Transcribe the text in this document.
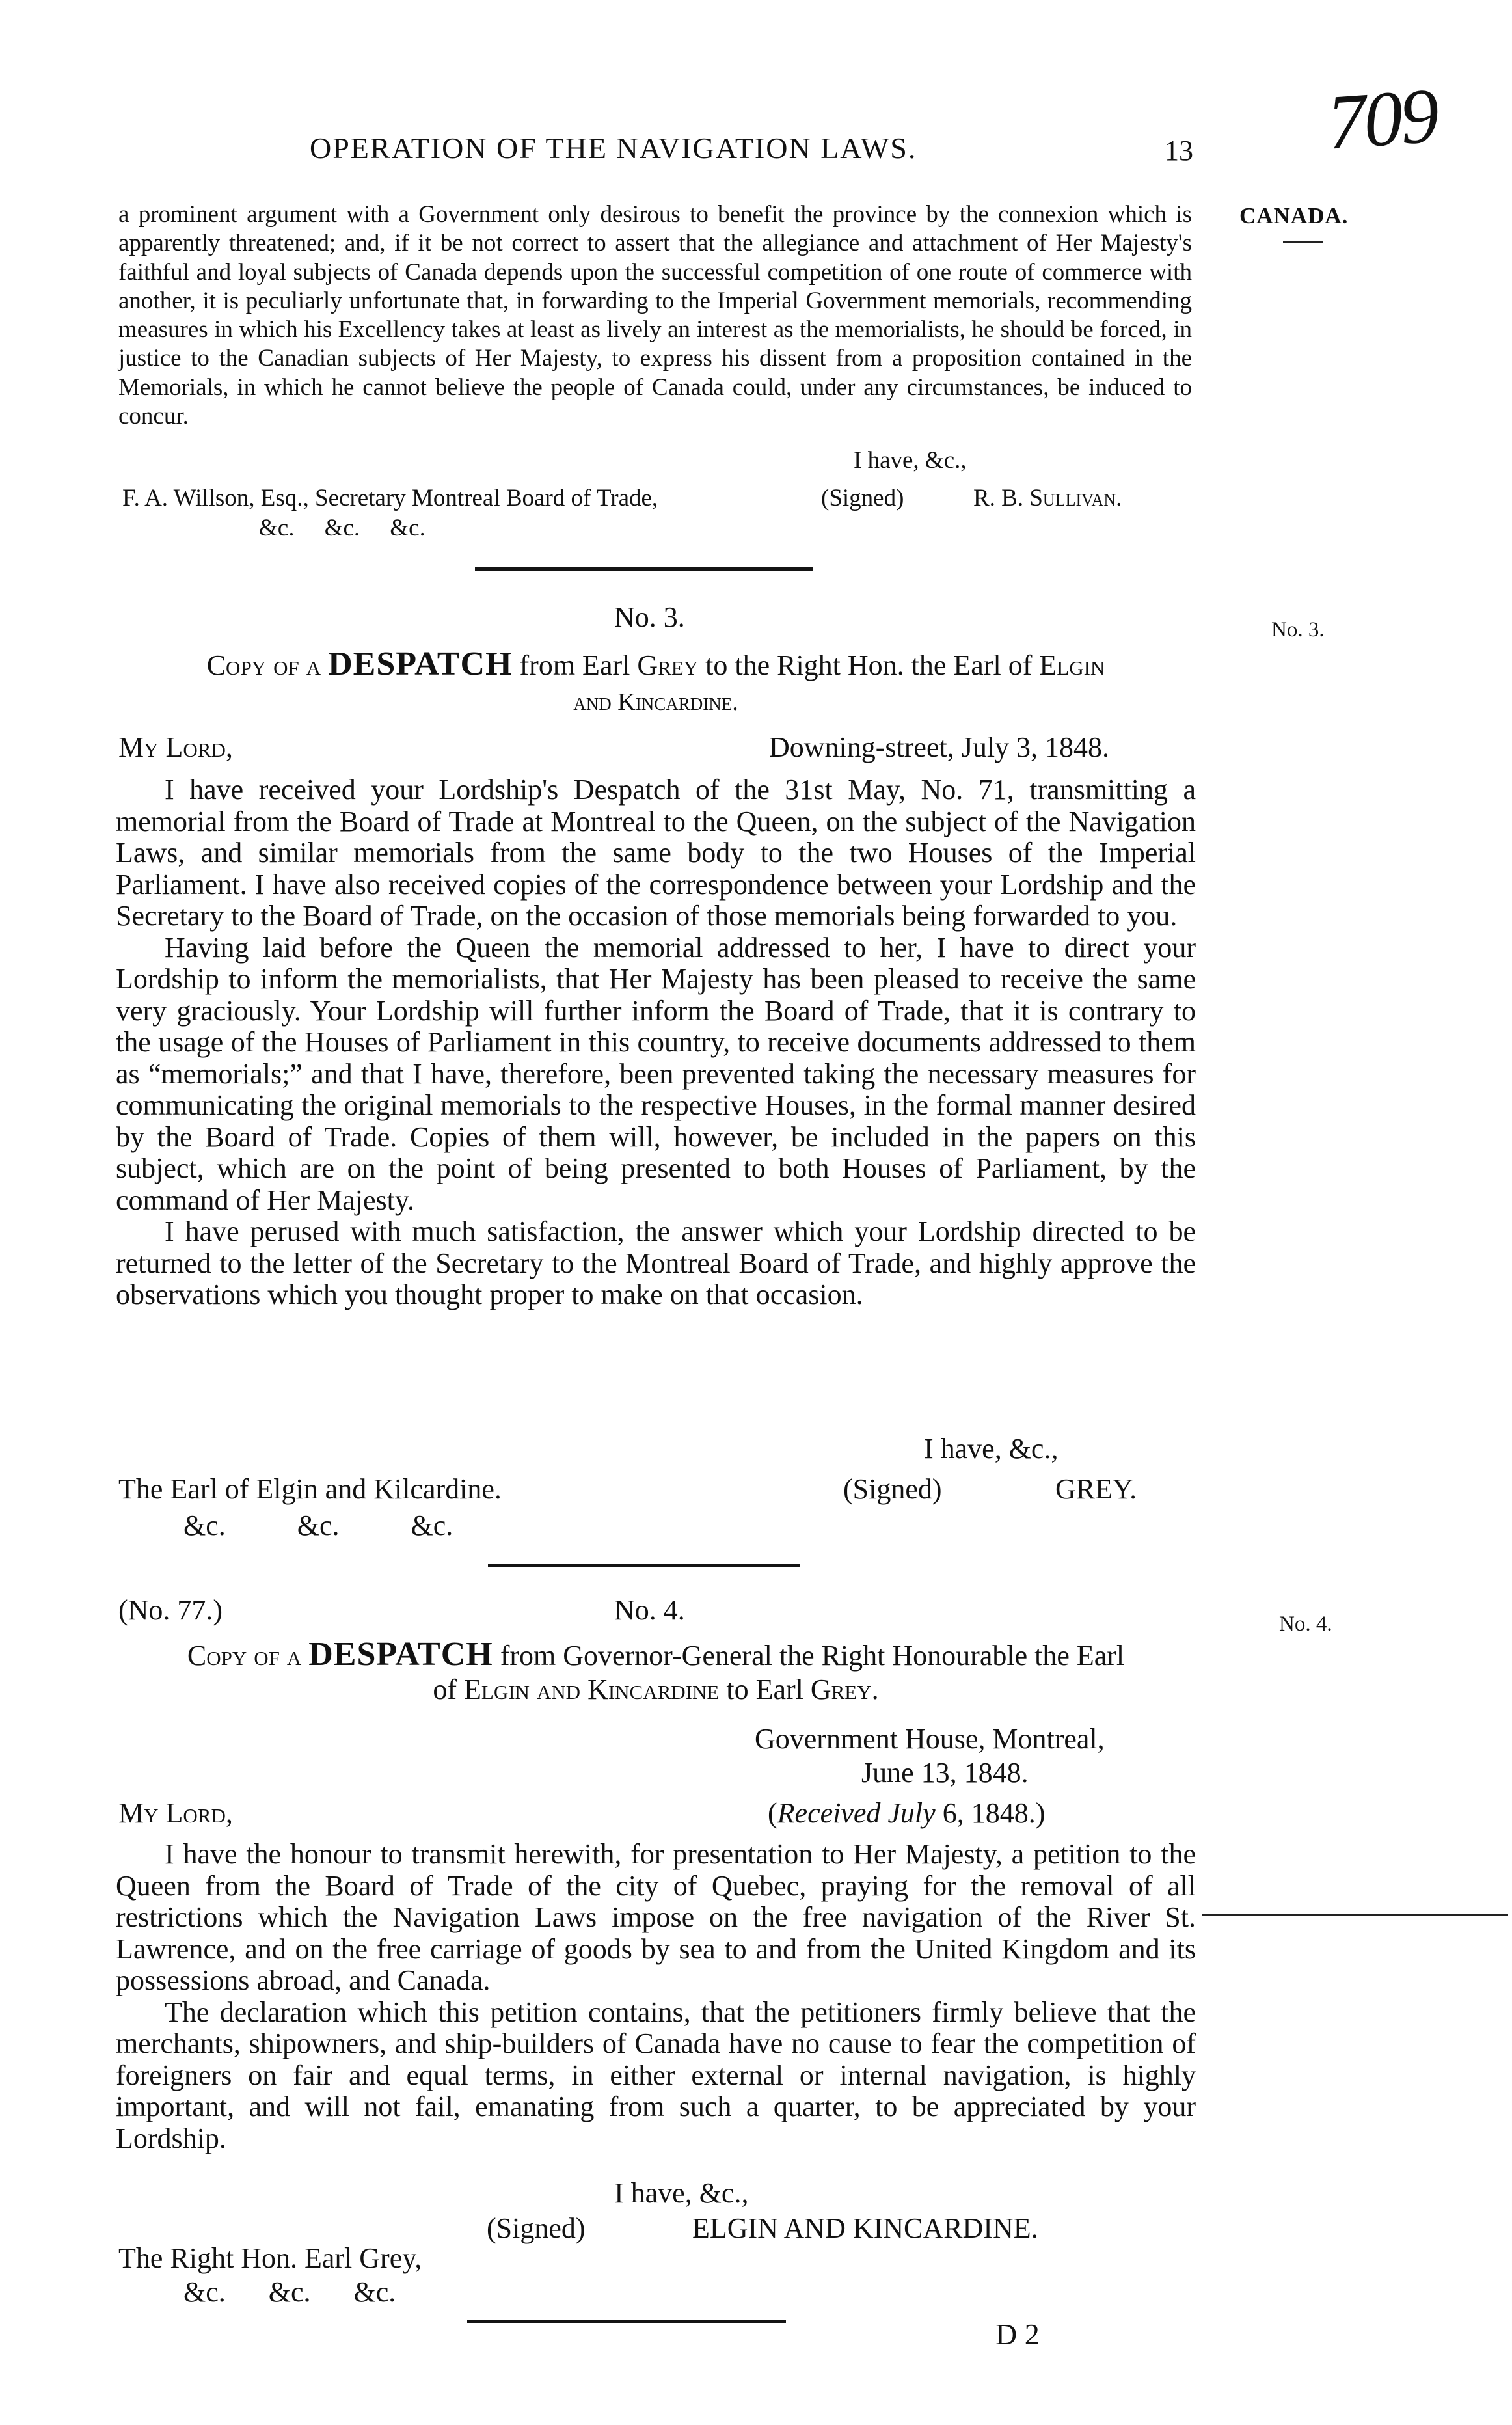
OPERATION OF THE NAVIGATION LAWS.	13 709
CANADA.
No. 3.
No. 4.

a prominent argument with a Government only desirous to benefit the province by the connexion which is apparently threatened; and, if it be not correct to assert that the allegiance and attachment of Her Majesty's faithful and loyal subjects of Canada depends upon the successful competition of one route of commerce with another, it is peculiarly unfortunate that, in forwarding to the Imperial Government memorials, recommending measures in which his Excellency takes at least as lively an interest as the memorialists, he should be forced, in justice to the Canadian subjects of Her Majesty, to express his dissent from a proposition contained in the Memorials, in which he cannot believe the people of Canada could, under any circumstances, be induced to concur.

I have, &c.,
F. A. Willson, Esq., Secretary Montreal Board of Trade,	(Signed)	R. B. Sullivan.
&c.     &c.     &c.
No. 3.
Copy of a DESPATCH from Earl Grey to the Right Hon. the Earl of Elgin
and Kincardine.
My Lord,	Downing-street, July 3, 1848.

I have received your Lordship's Despatch of the 31st May, No. 71, transmitting a memorial from the Board of Trade at Montreal to the Queen, on the subject of the Navigation Laws, and similar memorials from the same body to the two Houses of the Imperial Parliament. I have also received copies of the correspondence between your Lordship and the Secretary to the Board of Trade, on the occasion of those memorials being forwarded to you.

Having laid before the Queen the memorial addressed to her, I have to direct your Lordship to inform the memorialists, that Her Majesty has been pleased to receive the same very graciously. Your Lordship will further inform the Board of Trade, that it is contrary to the usage of the Houses of Parliament in this country, to receive documents addressed to them as “memorials;” and that I have, therefore, been prevented taking the necessary measures for communicating the original memorials to the respective Houses, in the formal manner desired by the Board of Trade. Copies of them will, however, be included in the papers on this subject, which are on the point of being presented to both Houses of Parliament, by the command of Her Majesty.

I have perused with much satisfaction, the answer which your Lordship directed to be returned to the letter of the Secretary to the Montreal Board of Trade, and highly approve the observations which you thought proper to make on that occasion.

I have, &c.,
The Earl of Elgin and Kilcardine.	(Signed)	GREY.
&c.          &c.          &c.
(No. 77.)	No. 4.
Copy of a DESPATCH from Governor-General the Right Honourable the Earl
of Elgin and Kincardine to Earl Grey.
Government House, Montreal,
June 13, 1848.
My Lord,	(Received July 6, 1848.)

I have the honour to transmit herewith, for presentation to Her Majesty, a petition to the Queen from the Board of Trade of the city of Quebec, praying for the removal of all restrictions which the Navigation Laws impose on the free navigation of the River St. Lawrence, and on the free carriage of goods by sea to and from the United Kingdom and its possessions abroad, and Canada.

The declaration which this petition contains, that the petitioners firmly believe that the merchants, shipowners, and ship-builders of Canada have no cause to fear the competition of foreigners on fair and equal terms, in either external or internal navigation, is highly important, and will not fail, emanating from such a quarter, to be appreciated by your Lordship.

I have, &c.,
(Signed)	ELGIN AND KINCARDINE.
The Right Hon. Earl Grey,
&c.      &c.      &c.
D 2
